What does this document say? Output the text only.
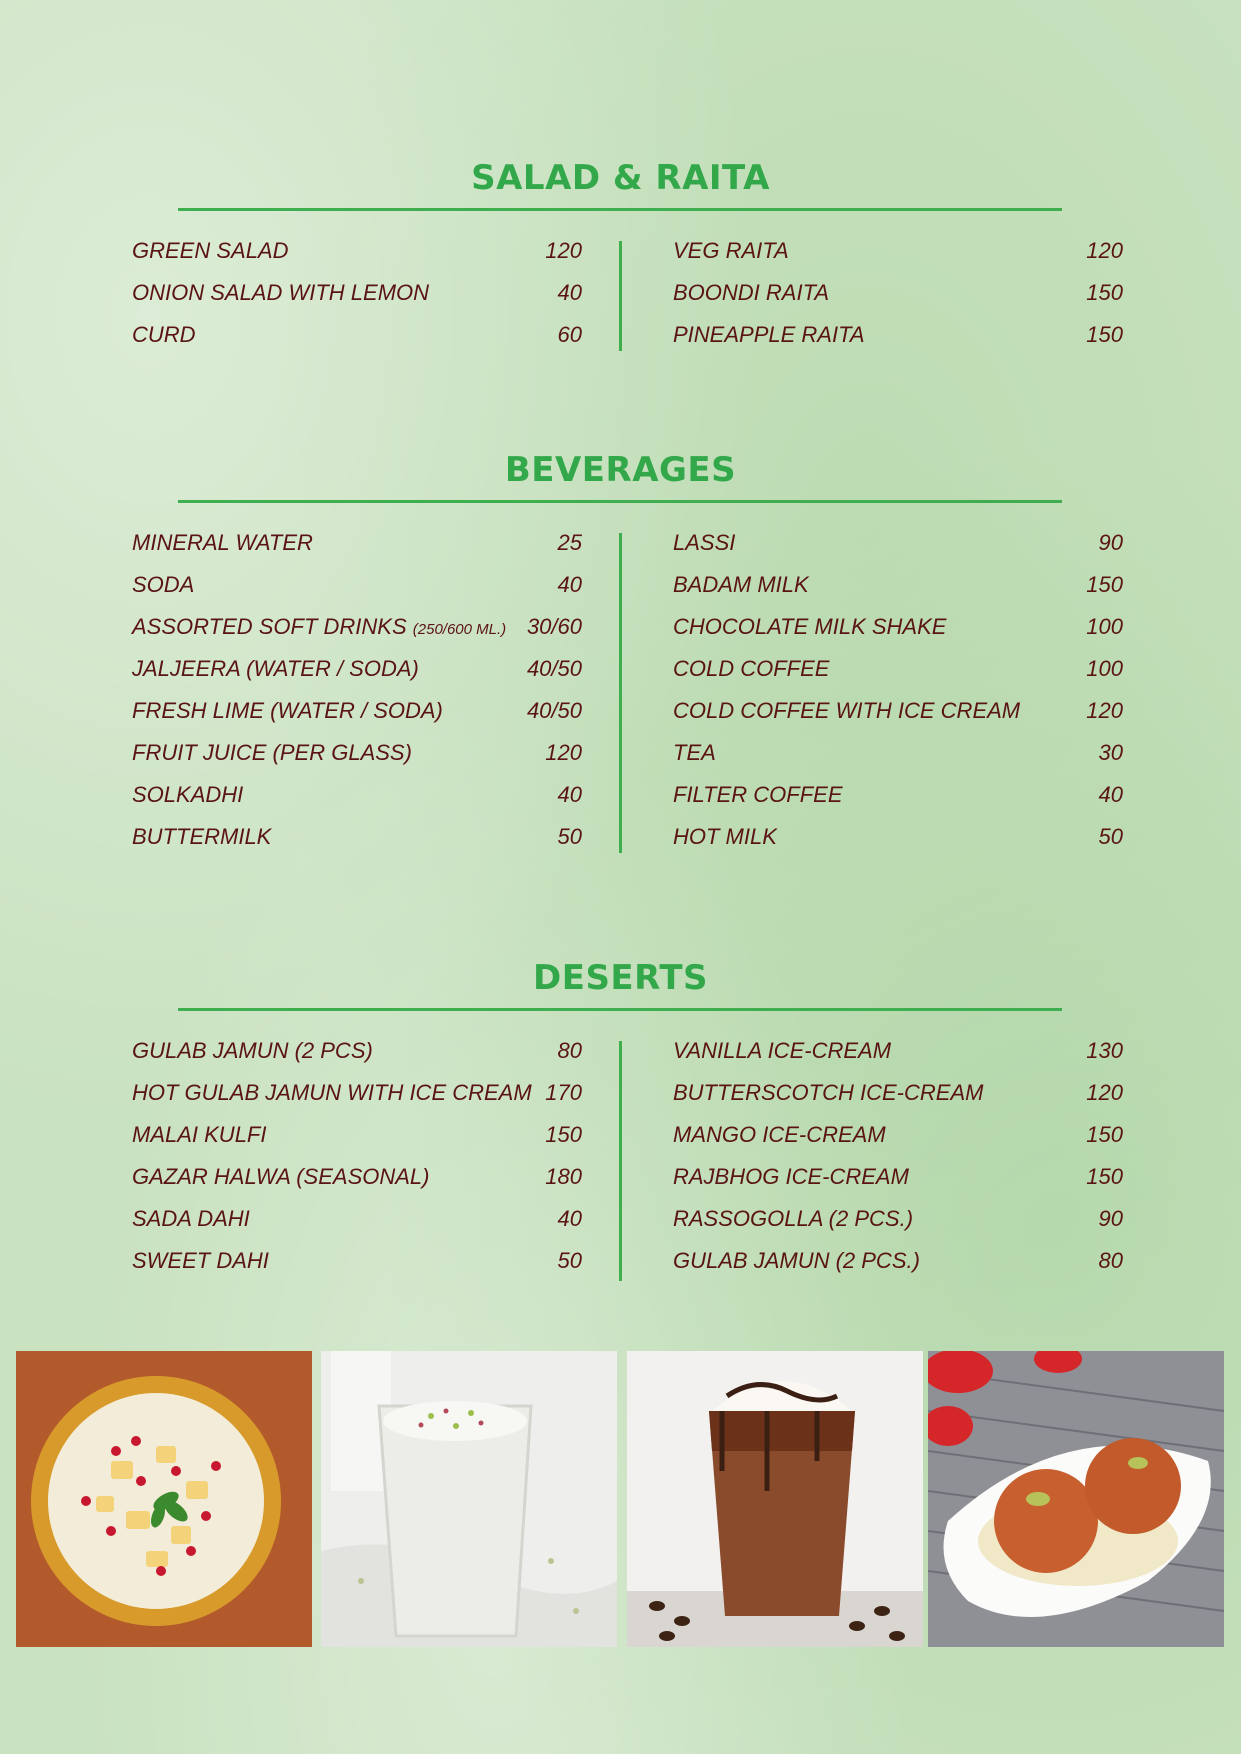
SALAD & RAITA
GREEN SALAD	120
ONION SALAD WITH LEMON	40
CURD	60
VEG RAITA	120
BOONDI RAITA	150
PINEAPPLE RAITA	150
BEVERAGES
MINERAL WATER	25
SODA	40
ASSORTED SOFT DRINKS (250/600 ML.) 30/60
JALJEERA (WATER / SODA)	40/50
FRESH LIME (WATER / SODA)	40/50
FRUIT JUICE (PER GLASS)	120
SOLKADHI	40
BUTTERMILK	50
LASSI	90
BADAM MILK	150
CHOCOLATE MILK SHAKE	100
COLD COFFEE	100
COLD COFFEE WITH ICE CREAM	120
TEA	30
FILTER COFFEE	40
HOT MILK	50
DESERTS
GULAB JAMUN (2 PCS)	80
HOT GULAB JAMUN WITH ICE CREAM 170
MALAI KULFI	150
GAZAR HALWA (SEASONAL)	180
SADA DAHI	40
SWEET DAHI	50
VANILLA ICE-CREAM	130
BUTTERSCOTCH ICE-CREAM	120
MANGO ICE-CREAM	150
RAJBHOG ICE-CREAM	150
RASSOGOLLA (2 PCS.)	90
GULAB JAMUN (2 PCS.)	80
